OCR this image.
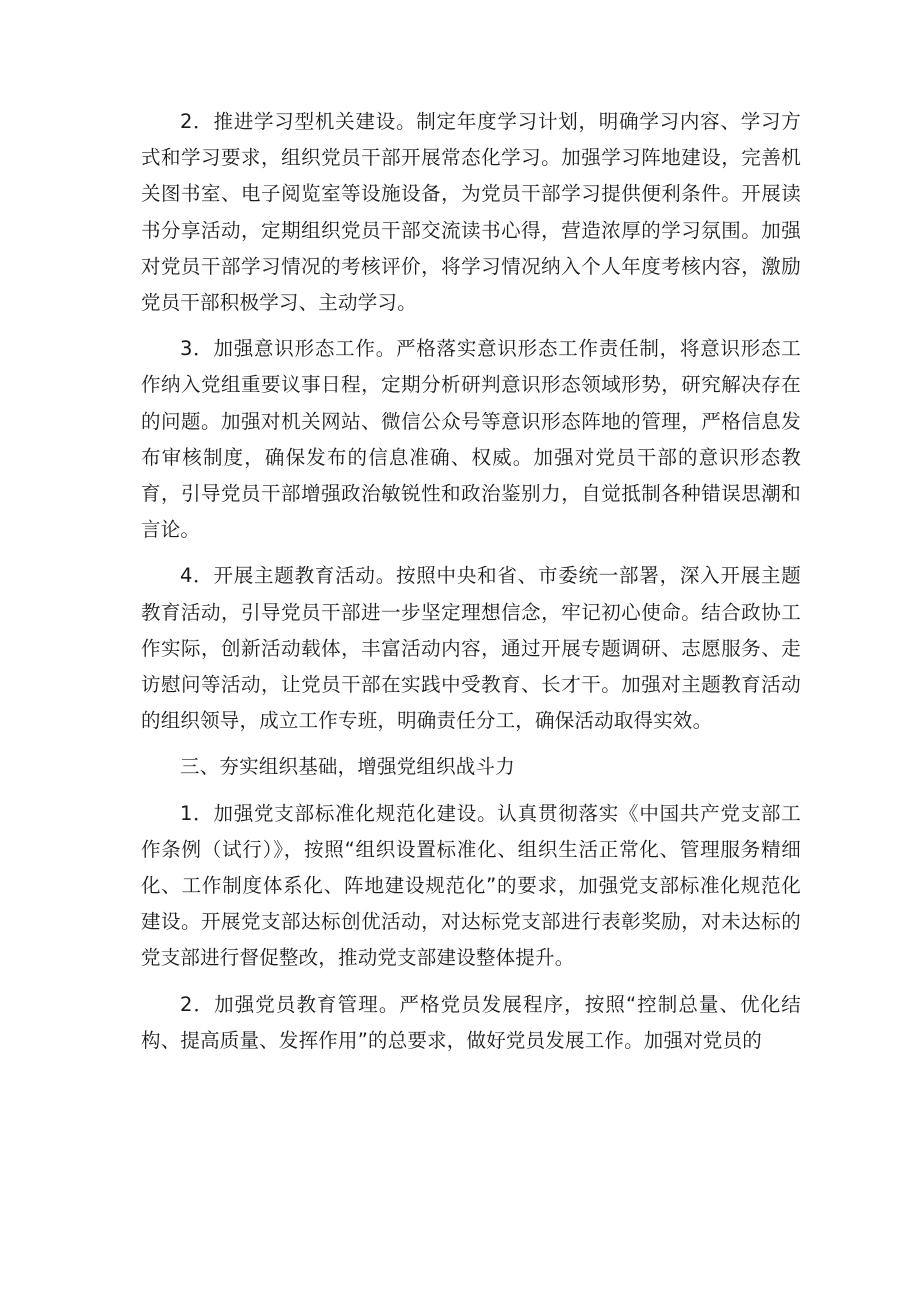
2．推进学习型机关建设。制定年度学习计划，明确学习内容、学习方式和学习要求，组织党员干部开展常态化学习。加强学习阵地建设，完善机关图书室、电子阅览室等设施设备，为党员干部学习提供便利条件。开展读书分享活动，定期组织党员干部交流读书心得，营造浓厚的学习氛围。加强对党员干部学习情况的考核评价，将学习情况纳入个人年度考核内容，激励党员干部积极学习、主动学习。

3．加强意识形态工作。严格落实意识形态工作责任制，将意识形态工作纳入党组重要议事日程，定期分析研判意识形态领域形势，研究解决存在的问题。加强对机关网站、微信公众号等意识形态阵地的管理，严格信息发布审核制度，确保发布的信息准确、权威。加强对党员干部的意识形态教育，引导党员干部增强政治敏锐性和政治鉴别力，自觉抵制各种错误思潮和言论。

4．开展主题教育活动。按照中央和省、市委统一部署，深入开展主题教育活动，引导党员干部进一步坚定理想信念，牢记初心使命。结合政协工作实际，创新活动载体，丰富活动内容，通过开展专题调研、志愿服务、走访慰问等活动，让党员干部在实践中受教育、长才干。加强对主题教育活动的组织领导，成立工作专班，明确责任分工，确保活动取得实效。

三、夯实组织基础，增强党组织战斗力

1．加强党支部标准化规范化建设。认真贯彻落实《中国共产党支部工作条例（试行）》，按照“组织设置标准化、组织生活正常化、管理服务精细化、工作制度体系化、阵地建设规范化”的要求，加强党支部标准化规范化建设。开展党支部达标创优活动，对达标党支部进行表彰奖励，对未达标的党支部进行督促整改，推动党支部建设整体提升。

2．加强党员教育管理。严格党员发展程序，按照“控制总量、优化结构、提高质量、发挥作用”的总要求，做好党员发展工作。加强对党员的
